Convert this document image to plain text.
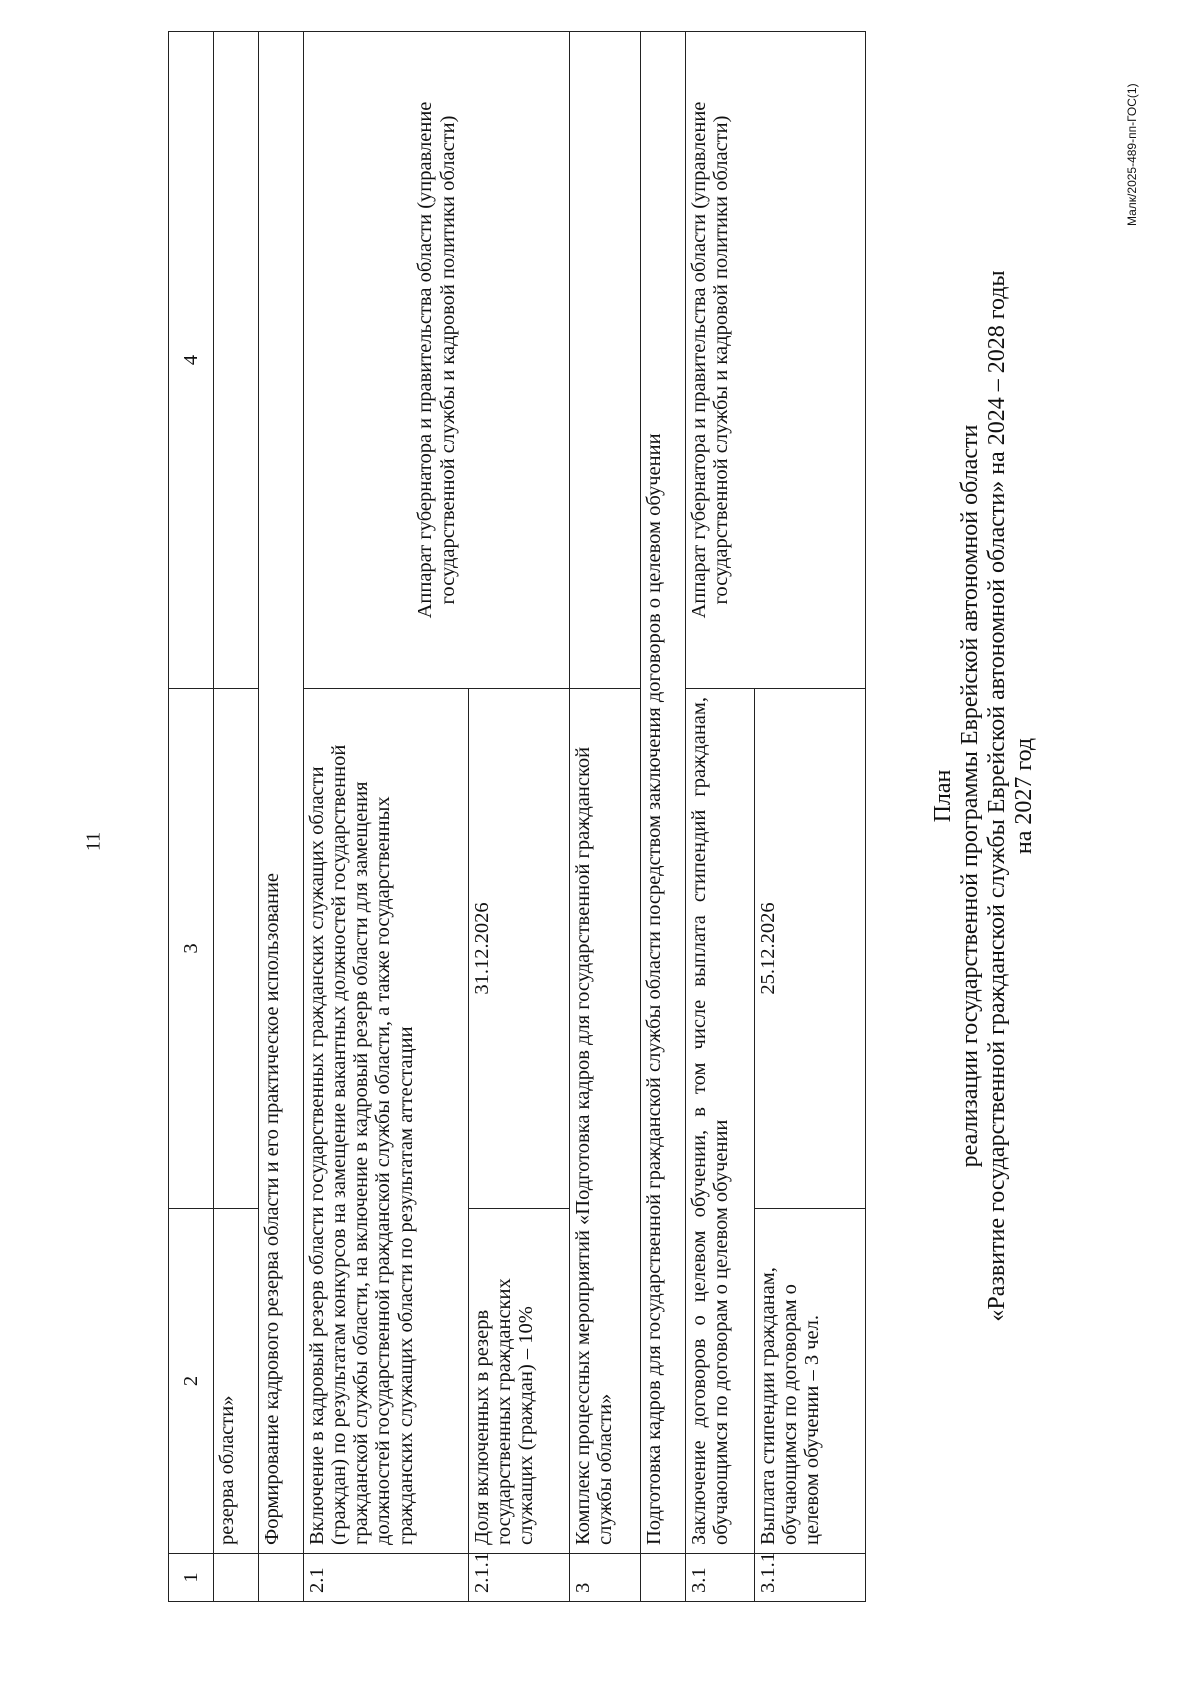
11
1	2	3	4
	резерва области»		
	Формирование кадрового резерва области и его практическое использование		
2.1	Включение в кадровый резерв области государственных гражданских служащих области (граждан) по результатам конкурсов на замещение вакантных должностей государственной гражданской службы области, на включение в кадровый резерв области для замещения должностей государственной гражданской службы области, а также государственных гражданских служащих области по результатам аттестации		Аппарат губернатора и правительства области (управление государственной службы и кадровой политики области)
2.1.1	Доля включенных в резерв государственных гражданских служащих (граждан) – 10%	31.12.2026	
3	Комплекс процессных мероприятий «Подготовка кадров для государственной гражданской службы области»		
	Подготовка кадров для государственной гражданской службы области посредством заключения договоров о целевом обучении		
3.1	Заключение договоров о целевом обучении, в том числе выплата стипендий гражданам, обучающимся по договорам о целевом обучении		Аппарат губернатора и правительства области (управление государственной службы и кадровой политики области)
3.1.1	Выплата стипендии гражданам, обучающимся по договорам о целевом обучении – 3 чел.	25.12.2026	
План реализации государственной программы Еврейской автономной области «Развитие государственной гражданской службы Еврейской автономной области» на 2024 – 2028 годы на 2027 год
Малк/2025-489-пп-ГОС(1)
